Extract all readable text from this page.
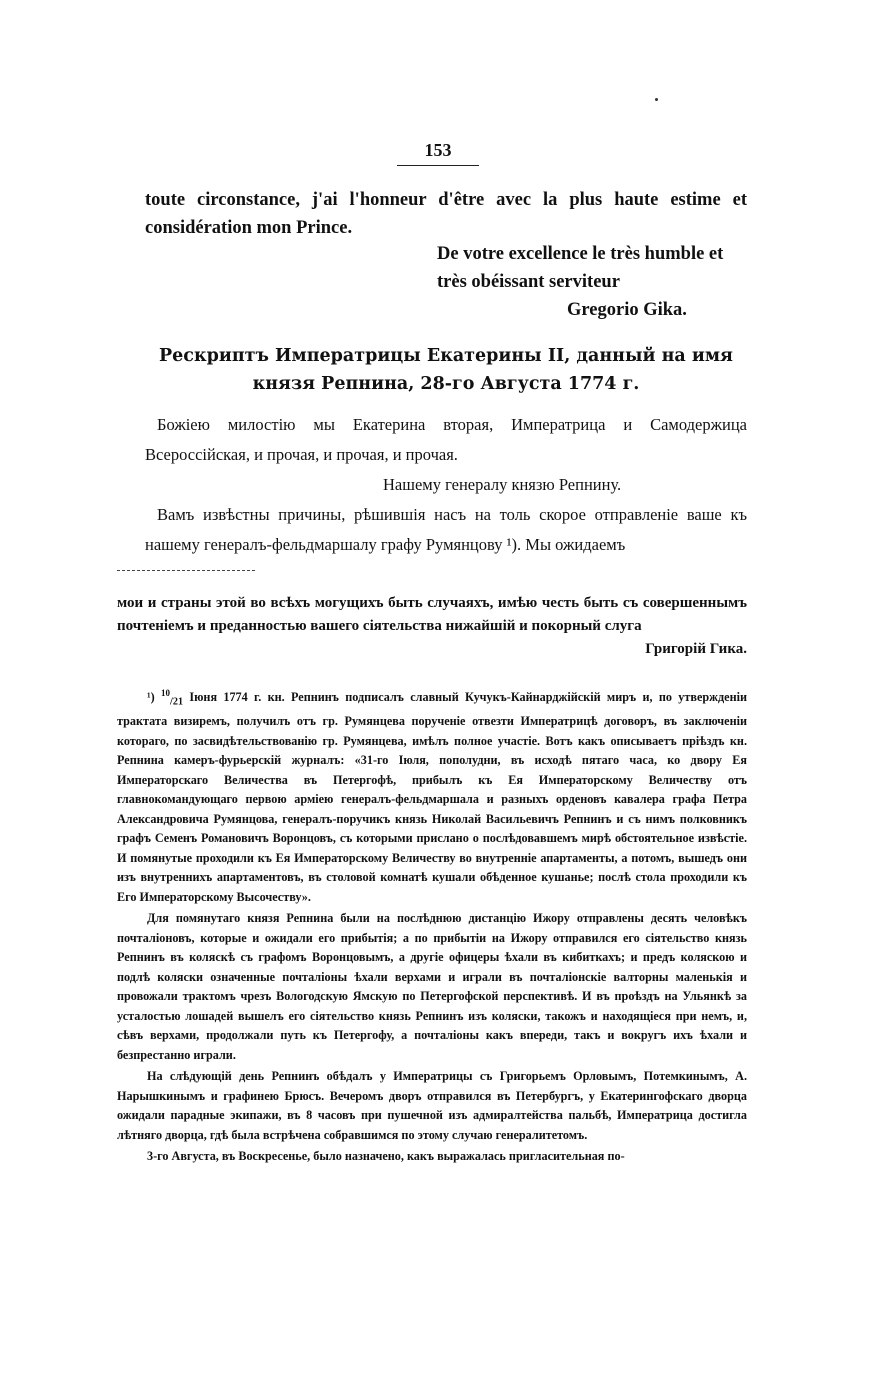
153

toute circonstance, j'ai l'honneur d'être avec la plus haute estime et considération mon Prince.

De votre excellence le très humble et
très obéissant serviteur
Gregorio Gika.
Рескриптъ Императрицы Екатерины II, данный на имя
князя Репнина, 28-го Августа 1774 г.

Божiею милостiю мы Екатерина вторая, Императрица и Самодержица Всероссiйская, и прочая, и прочая, и прочая.

Нашему генералу князю Репнину.

Вамъ извѣстны причины, рѣшившiя насъ на толь скорое отправленiе ваше къ нашему генералъ-фельдмаршалу графу Румянцову ¹). Мы ожидаемъ

мои и страны этой во всѣхъ могущихъ быть случаяхъ, имѣю честь быть съ совершеннымъ почтенiемъ и преданностью вашего сiятельства нижайшiй и покорный слуга

Григорiй Гика.

¹) $^{10}_{/21}$ Iюня 1774 г. кн. Репнинъ подписалъ славный Кучукъ-Кайнарджiйскiй миръ и, по утвержденiи трактата визиремъ, получилъ отъ гр. Румянцева порученiе отвезти Императрицѣ договоръ, въ заключенiи котораго, по засвидѣтельствованiю гр. Румянцева, имѣлъ полное участiе. Вотъ какъ описываетъ прiѣздъ кн. Репнина камеръ-фурьерскiй журналъ: «31-го Iюля, пополудни, въ исходѣ пятаго часа, ко двору Ея Императорскаго Величества въ Петергофѣ, прибылъ къ Ея Императорскому Величеству отъ главнокомандующаго первою армiею генералъ-фельдмаршала и разныхъ орденовъ кавалера графа Петра Александровича Румянцова, генералъ-поручикъ князь Николай Васильевичъ Репнинъ и съ нимъ полковникъ графъ Семенъ Романовичъ Воронцовъ, съ которыми прислано о послѣдовавшемъ мирѣ обстоятельное извѣстiе. И помянутые проходили къ Ея Императорскому Величеству во внутреннiе апартаменты, а потомъ, вышедъ они изъ внутреннихъ апартаментовъ, въ столовой комнатѣ кушали обѣденное кушанье; послѣ стола проходили къ Его Императорскому Высочеству».

Для помянутаго князя Репнина были на послѣднюю дистанцiю Ижору отправлены десять человѣкъ почталiоновъ, которые и ожидали его прибытiя; а по прибытiи на Ижору отправился его сiятельство князь Репнинъ въ коляскѣ съ графомъ Воронцовымъ, а другiе офицеры ѣхали въ кибиткахъ; и предъ коляскою и подлѣ коляски означенные почталiоны ѣхали верхами и играли въ почталiонскiе валторны маленькiя и провожали трактомъ чрезъ Вологодскую Ямскую по Петергофской перспективѣ. И въ проѣздъ на Ульянкѣ за усталостью лошадей вышелъ его сiятельство князь Репнинъ изъ коляски, такожъ и находящiеся при немъ, и, сѣвъ верхами, продолжали путь къ Петергофу, а почталiоны какъ впереди, такъ и вокругъ ихъ ѣхали и безпрестанно играли.

На слѣдующiй день Репнинъ обѣдалъ у Императрицы съ Григорьемъ Орловымъ, Потемкинымъ, А. Нарышкинымъ и графинею Брюсъ. Вечеромъ дворъ отправился въ Петербургъ, у Екатерингофскаго дворца ожидали парадные экипажи, въ 8 часовъ при пушечной изъ адмиралтейства пальбѣ, Императрица достигла лѣтняго дворца, гдѣ была встрѣчена собравшимся по этому случаю генералитетомъ.

3-го Августа, въ Воскресенье, было назначено, какъ выражалась пригласительная по-
